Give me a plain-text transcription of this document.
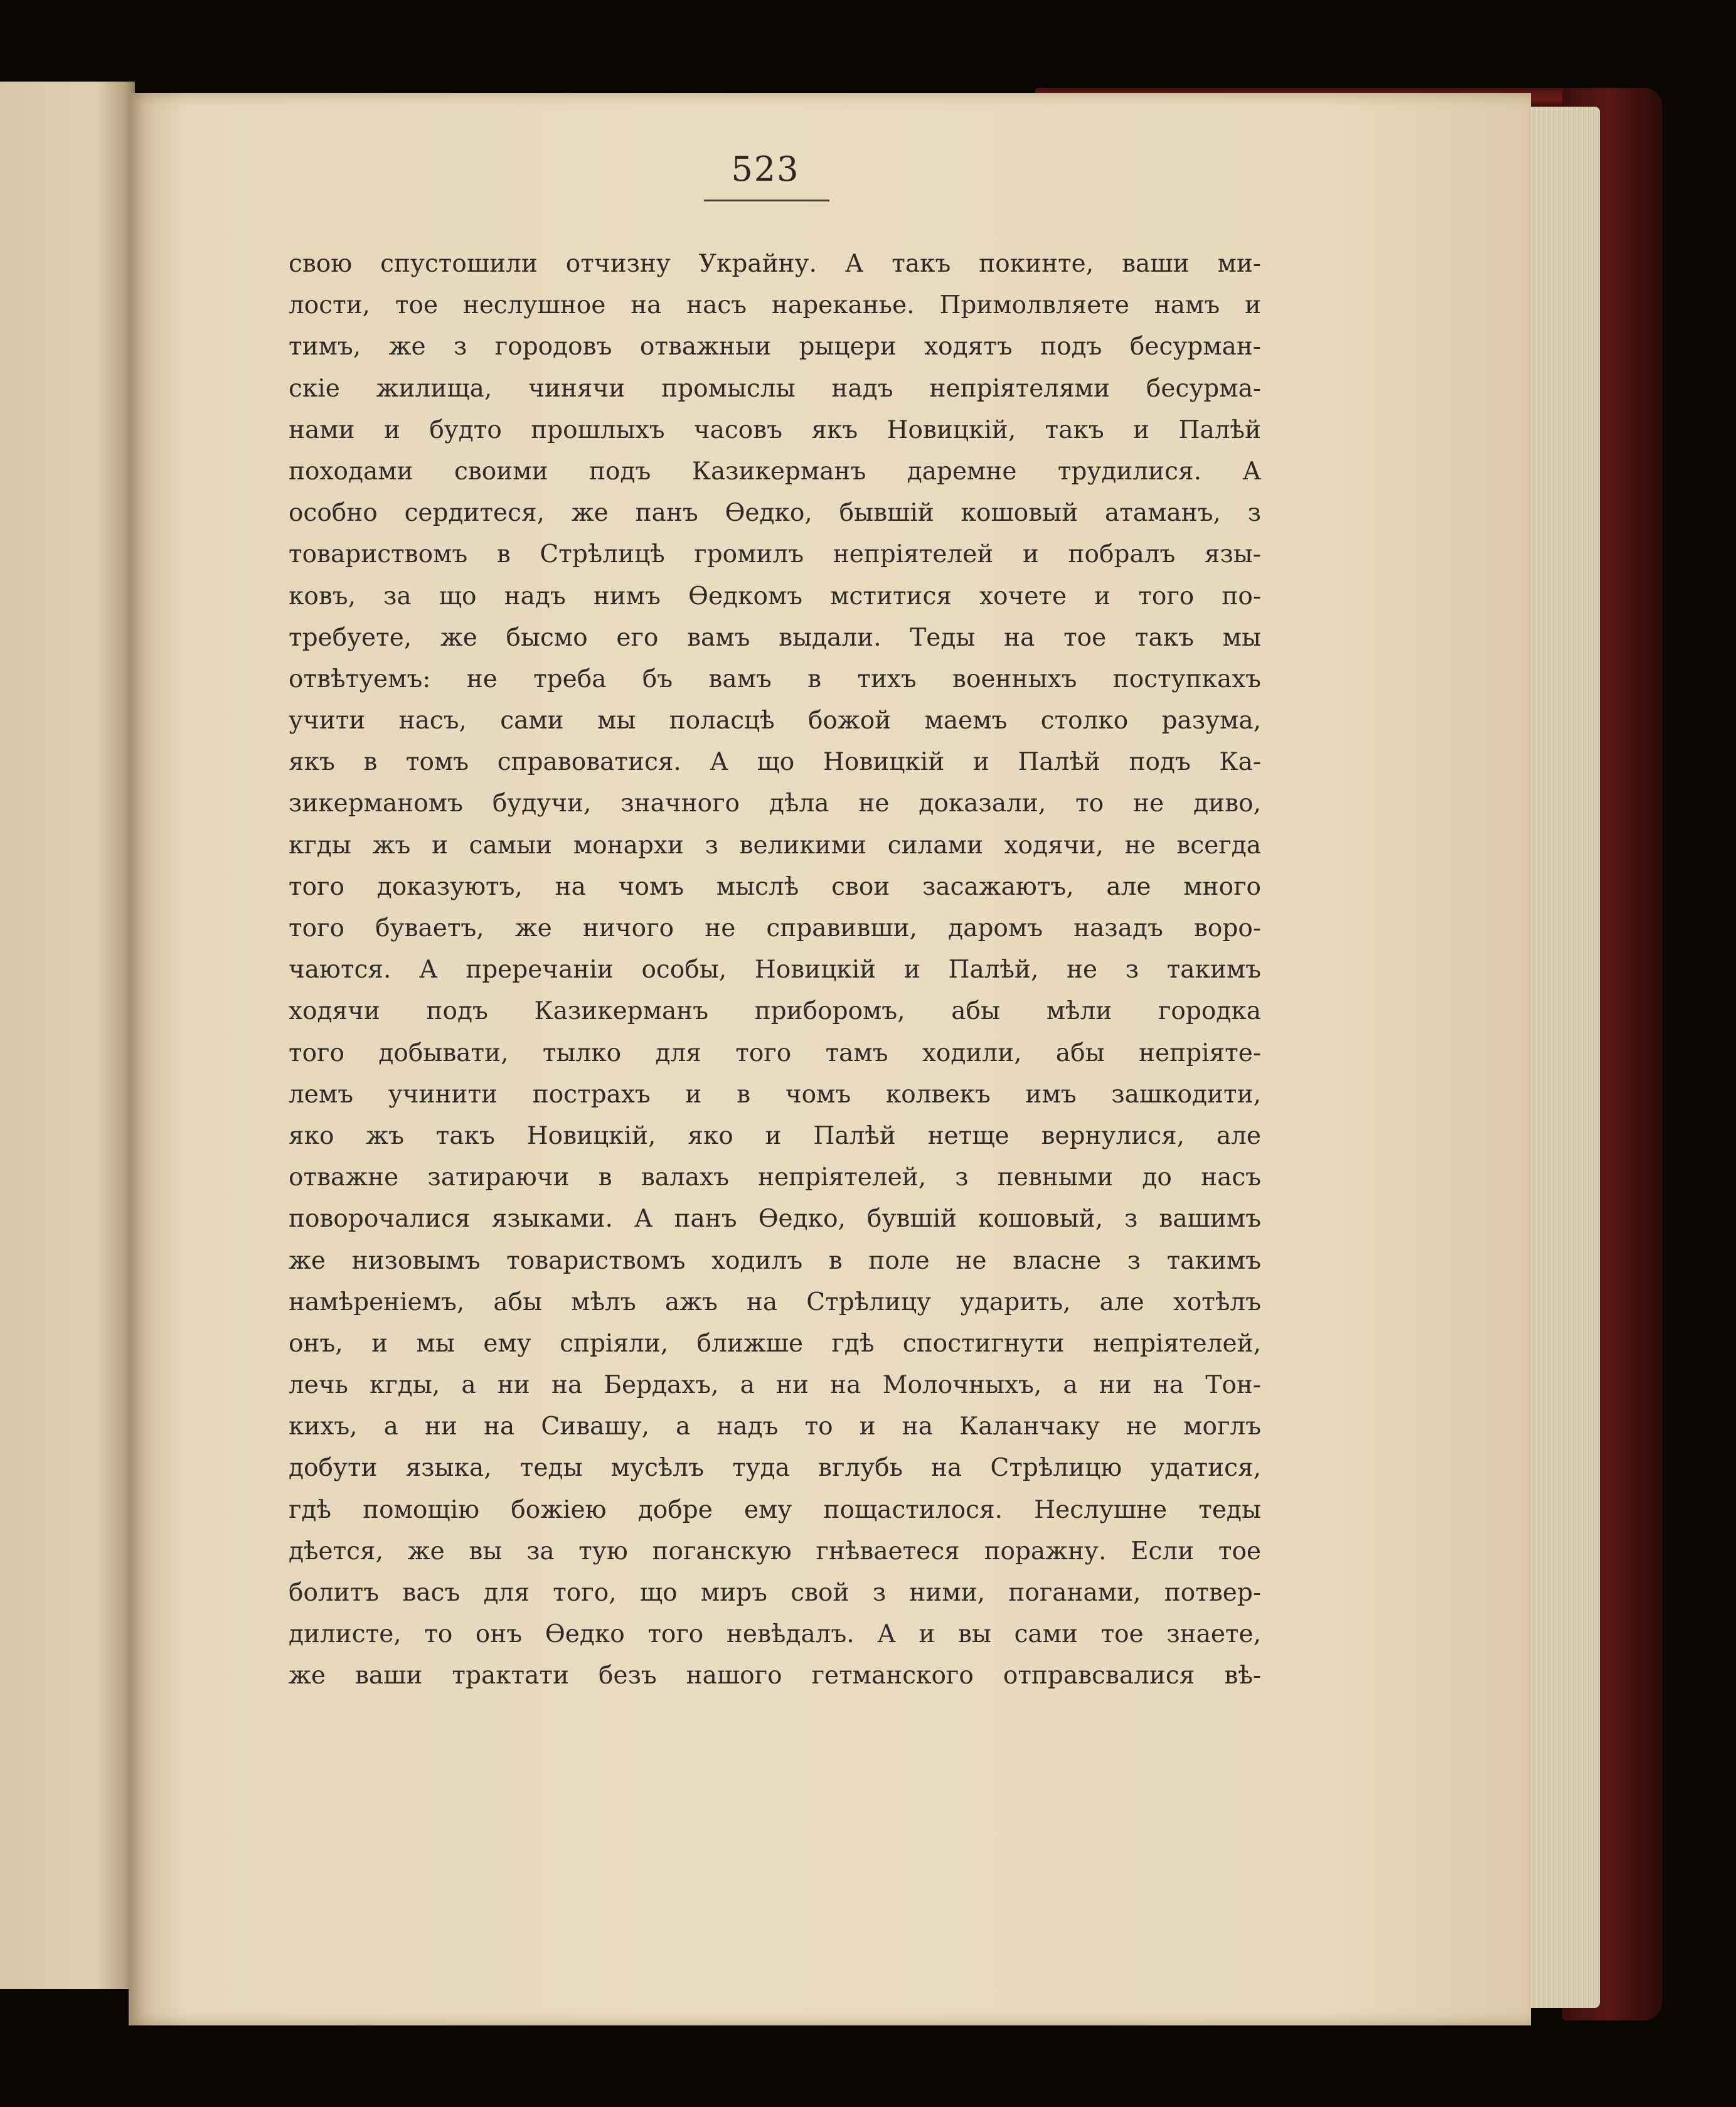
523
свою спустошили отчизну Украйну. А такъ покинте, ваши ми-
лости, тое неслушное на насъ нареканье. Примолвляете намъ и
тимъ, же з городовъ отважныи рыцери ходятъ подъ бесурман-
скіе жилища, чинячи промыслы надъ непріятелями бесурма-
нами и будто прошлыхъ часовъ якъ Новицкій, такъ и Палѣй
походами своими подъ Казикерманъ даремне трудилися. А
особно сердитеся, же панъ Ѳедко, бывшій кошовый атаманъ, з
товариствомъ в Стрѣлицѣ громилъ непріятелей и побралъ язы-
ковъ, за що надъ нимъ Ѳедкомъ мститися хочете и того по-
требуете, же бысмо его вамъ выдали. Теды на тое такъ мы
отвѣтуемъ: не треба бъ вамъ в тихъ военныхъ поступкахъ
учити насъ, сами мы поласцѣ божой маемъ столко разума,
якъ в томъ справоватися. А що Новицкій и Палѣй подъ Ка-
зикерманомъ будучи, значного дѣла не доказали, то не диво,
кгды жъ и самыи монархи з великими силами ходячи, не всегда
того доказуютъ, на чомъ мыслѣ свои засажаютъ, але много
того буваетъ, же ничого не справивши, даромъ назадъ воро-
чаются. А преречаніи особы, Новицкій и Палѣй, не з такимъ
ходячи подъ Казикерманъ приборомъ, абы мѣли городка
того добывати, тылко для того тамъ ходили, абы непріяте-
лемъ учинити пострахъ и в чомъ колвекъ имъ зашкодити,
яко жъ такъ Новицкій, яко и Палѣй нетще вернулися, але
отважне затираючи в валахъ непріятелей, з певными до насъ
поворочалися языками. А панъ Ѳедко, бувшій кошовый, з вашимъ
же низовымъ товариствомъ ходилъ в поле не власне з такимъ
намѣреніемъ, абы мѣлъ ажъ на Стрѣлицу ударить, але хотѣлъ
онъ, и мы ему спріяли, ближше гдѣ спостигнути непріятелей,
лечь кгды, а ни на Бердахъ, а ни на Молочныхъ, а ни на Тон-
кихъ, а ни на Сивашу, а надъ то и на Каланчаку не моглъ
добути языка, теды мусѣлъ туда вглубь на Стрѣлицю удатися,
гдѣ помощію божіею добре ему пощастилося. Неслушне теды
дѣется, же вы за тую поганскую гнѣваетеся поражну. Если тое
болитъ васъ для того, що миръ свой з ними, поганами, потвер-
дилисте, то онъ Ѳедко того невѣдалъ. А и вы сами тое знаете,
же ваши трактати безъ нашого гетманского отправсвалися вѣ-
